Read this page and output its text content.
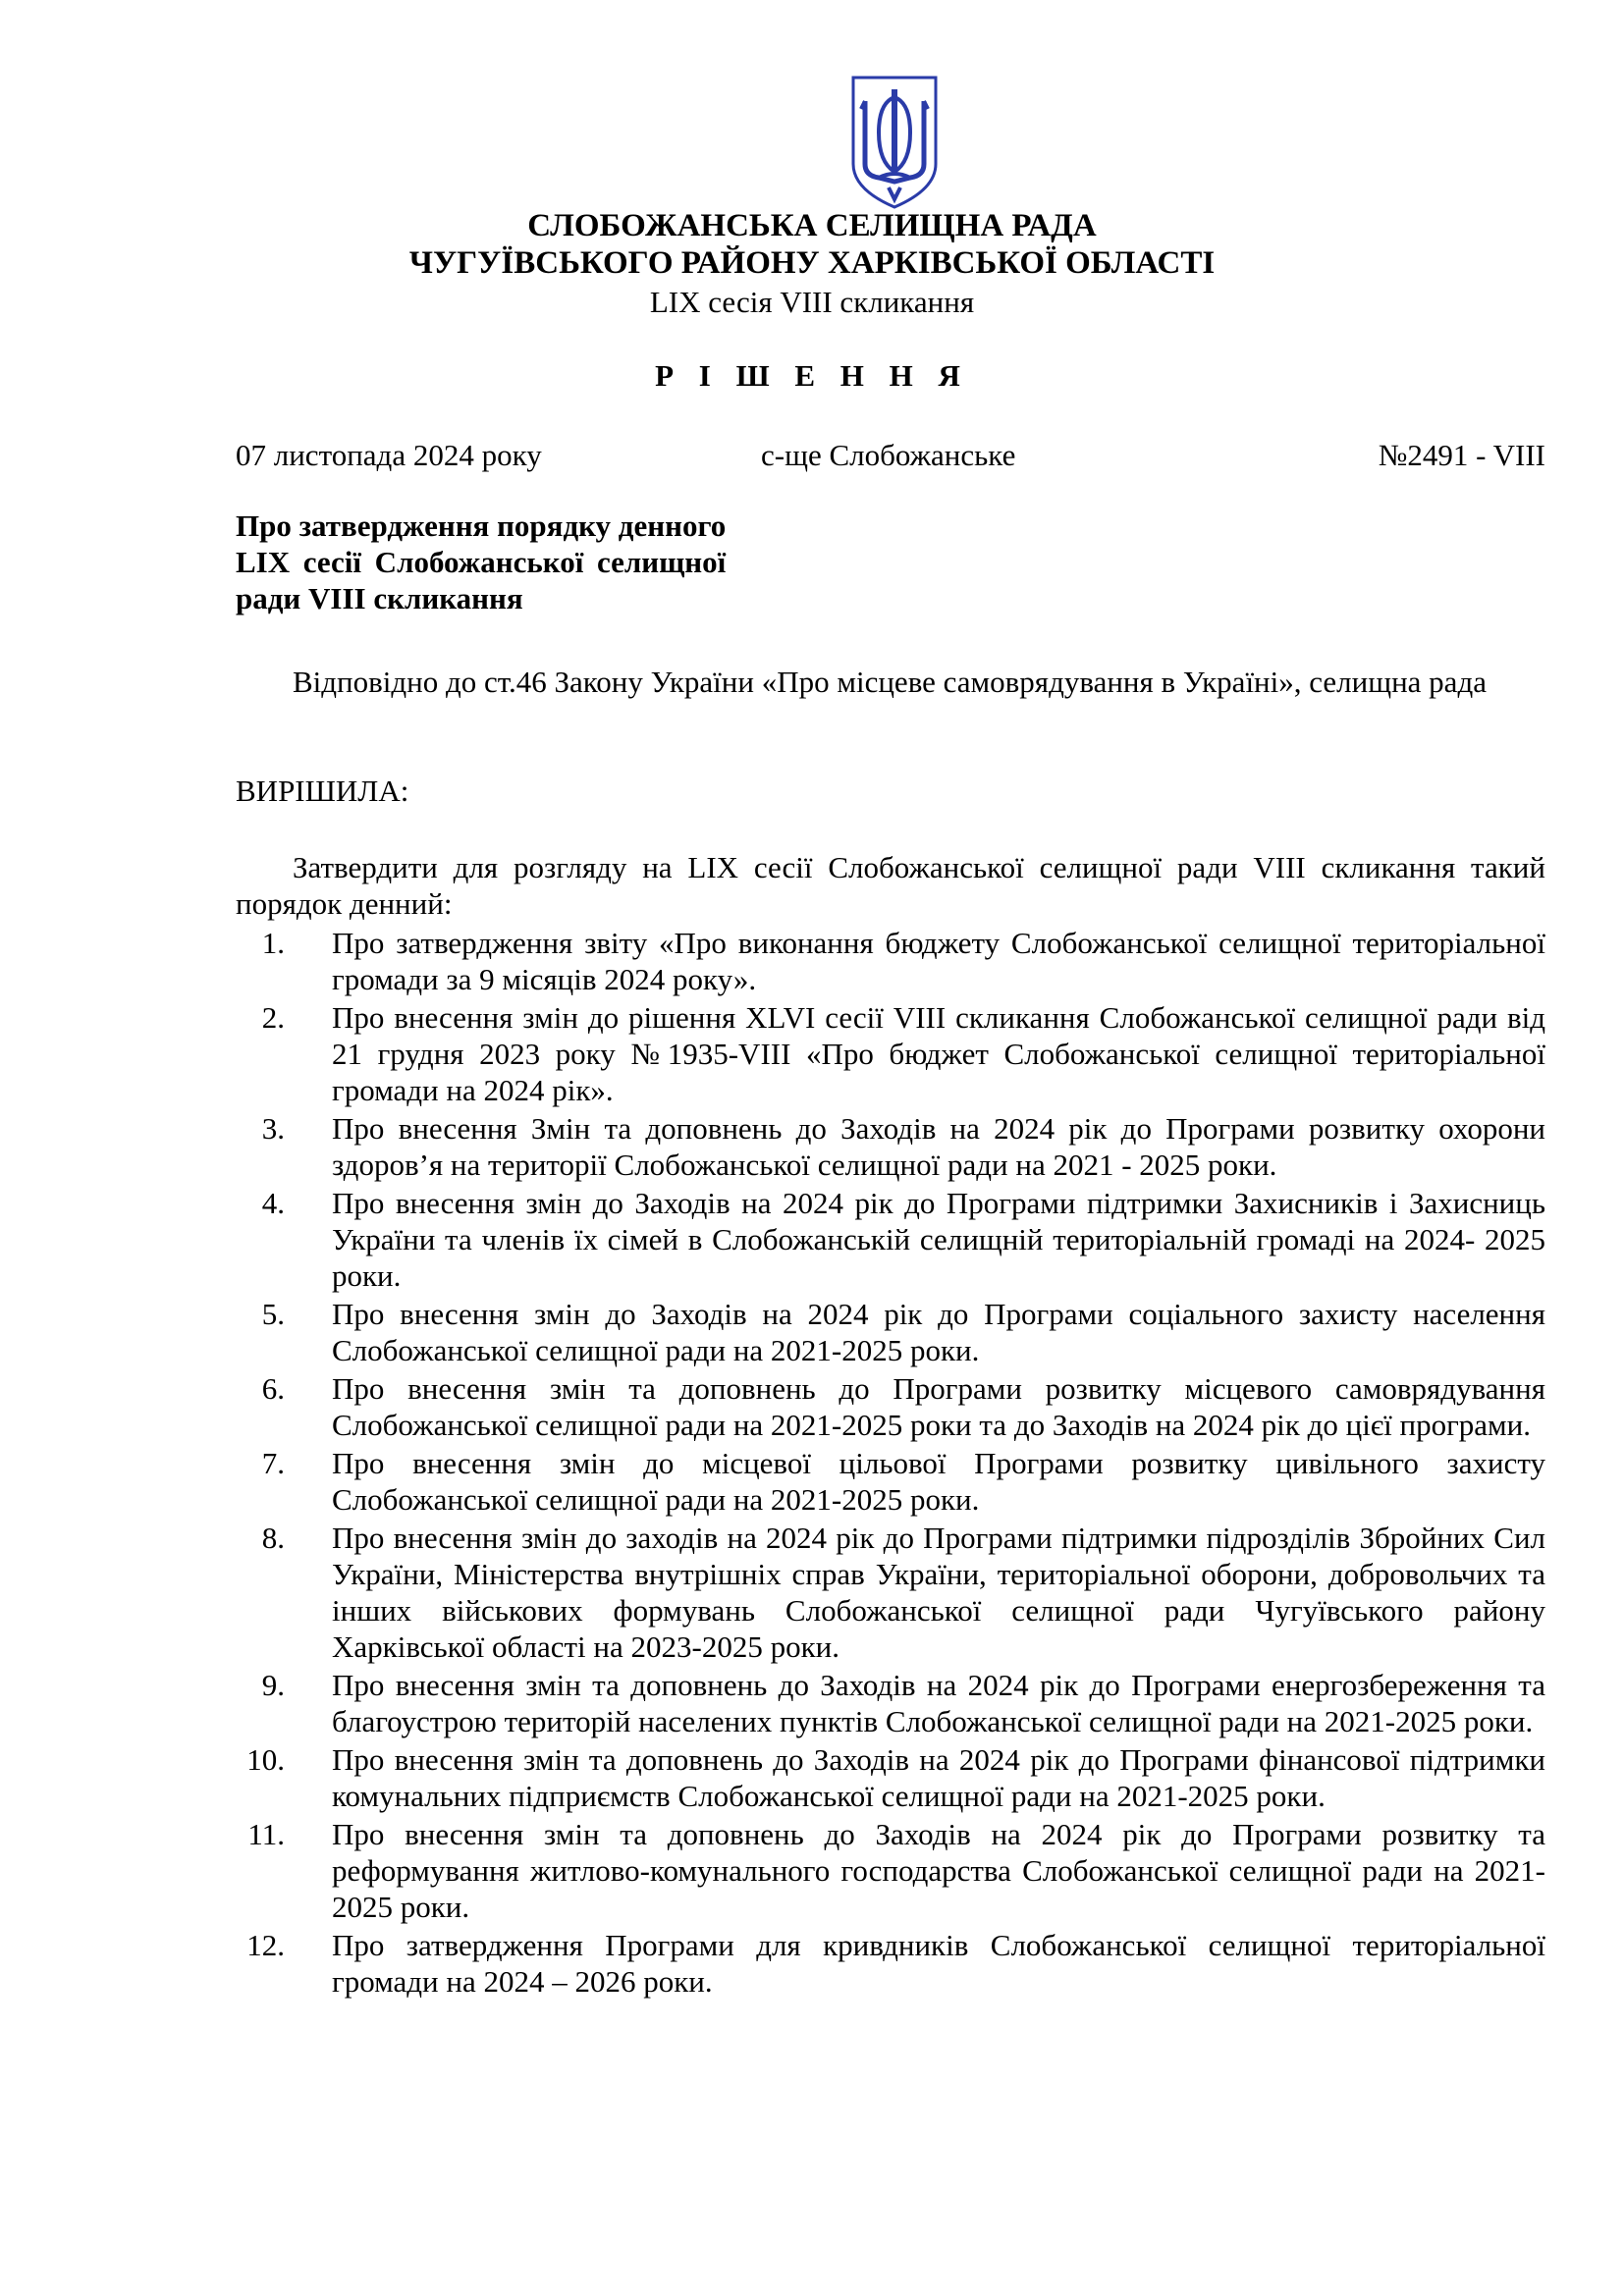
СЛОБОЖАНСЬКА СЕЛИЩНА РАДА
ЧУГУЇВСЬКОГО РАЙОНУ ХАРКІВСЬКОЇ ОБЛАСТІ
LIX сесія VIII скликання
Р І Ш Е Н Н Я
07 листопада 2024 року	с-ще Слобожанське	№2491 - VIII
Про затвердження порядку денного
LIX сесії Слобожанської селищної
ради VIII скликання
Відповідно до ст.46 Закону України «Про місцеве самоврядування в Україні», селищна рада
ВИРІШИЛА:
Затвердити для розгляду на LIX сесії Слобожанської селищної ради VIII скликання такий порядок денний:
1. Про затвердження звіту «Про виконання бюджету Слобожанської селищної територіальної громади за 9 місяців 2024 року».
2. Про внесення змін до рішення XLVI сесії VIII скликання Слобожанської селищної ради від 21 грудня 2023 року №1935-VIII «Про бюджет Слобожанської селищної територіальної громади на 2024 рік».
3. Про внесення Змін та доповнень до Заходів на 2024 рік до Програми розвитку охорони здоров’я на території Слобожанської селищної ради на 2021 - 2025 роки.
4. Про внесення змін до Заходів на 2024 рік до Програми підтримки Захисників і Захисниць України та членів їх сімей в Слобожанській селищній територіальній громаді на 2024- 2025 роки.
5. Про внесення змін до Заходів на 2024 рік до Програми соціального захисту населення Слобожанської селищної ради на 2021-2025 роки.
6. Про внесення змін та доповнень до Програми розвитку місцевого самоврядування Слобожанської селищної ради на 2021-2025 роки та до Заходів на 2024 рік до цієї програми.
7. Про внесення змін до місцевої цільової Програми розвитку цивільного захисту Слобожанської селищної ради на 2021-2025 роки.
8. Про внесення змін до заходів на 2024 рік до Програми підтримки підрозділів Збройних Сил України, Міністерства внутрішніх справ України, територіальної оборони, добровольчих та інших військових формувань Слобожанської селищної ради Чугуївського району Харківської області на 2023-2025 роки.
9. Про внесення змін та доповнень до Заходів на 2024 рік до Програми енергозбереження та благоустрою територій населених пунктів Слобожанської селищної ради на 2021-2025 роки.
10. Про внесення змін та доповнень до Заходів на 2024 рік до Програми фінансової підтримки комунальних підприємств Слобожанської селищної ради на 2021-2025 роки.
11. Про внесення змін та доповнень до Заходів на 2024 рік до Програми розвитку та реформування житлово-комунального господарства Слобожанської селищної ради на 2021-2025 роки.
12. Про затвердження Програми для кривдників Слобожанської селищної територіальної громади на 2024 – 2026 роки.
